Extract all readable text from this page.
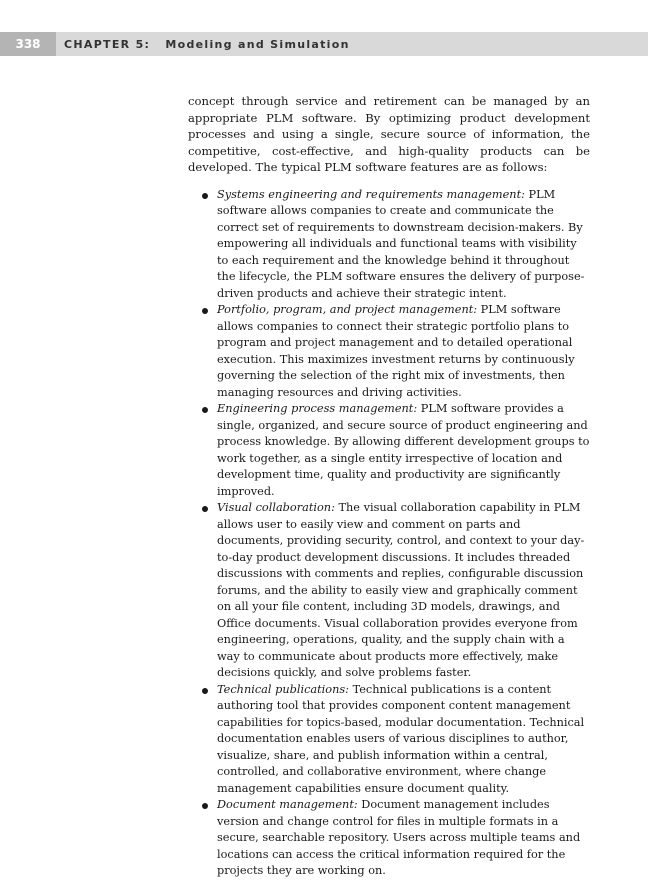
338	CHAPTER 5: Modeling and Simulation

concept through service and retirement can be managed by an appropriate PLM software. By optimizing product development processes and using a single, secure source of information, the competitive, cost-effective, and high-quality products can be developed. The typical PLM software features are as follows:

Systems engineering and requirements management: PLM software allows companies to create and communicate the correct set of requirements to downstream decision-makers. By empowering all individuals and functional teams with visibility to each requirement and the knowledge behind it throughout the lifecycle, the PLM software ensures the delivery of purpose-driven products and achieve their strategic intent.
Portfolio, program, and project management: PLM software allows companies to connect their strategic portfolio plans to program and project management and to detailed operational execution. This maximizes investment returns by continuously governing the selection of the right mix of investments, then managing resources and driving activities.
Engineering process management: PLM software provides a single, organized, and secure source of product engineering and process knowledge. By allowing different development groups to work together, as a single entity irrespective of location and development time, quality and productivity are significantly improved.
Visual collaboration: The visual collaboration capability in PLM allows user to easily view and comment on parts and documents, providing security, control, and context to your day-to-day product development discussions. It includes threaded discussions with comments and replies, configurable discussion forums, and the ability to easily view and graphically comment on all your file content, including 3D models, drawings, and Office documents. Visual collaboration provides everyone from engineering, operations, quality, and the supply chain with a way to communicate about products more effectively, make decisions quickly, and solve problems faster.
Technical publications: Technical publications is a content authoring tool that provides component content management capabilities for topics-based, modular documentation. Technical documentation enables users of various disciplines to author, visualize, share, and publish information within a central, controlled, and collaborative environment, where change management capabilities ensure document quality.
Document management: Document management includes version and change control for files in multiple formats in a secure, searchable repository. Users across multiple teams and locations can access the critical information required for the projects they are working on.
